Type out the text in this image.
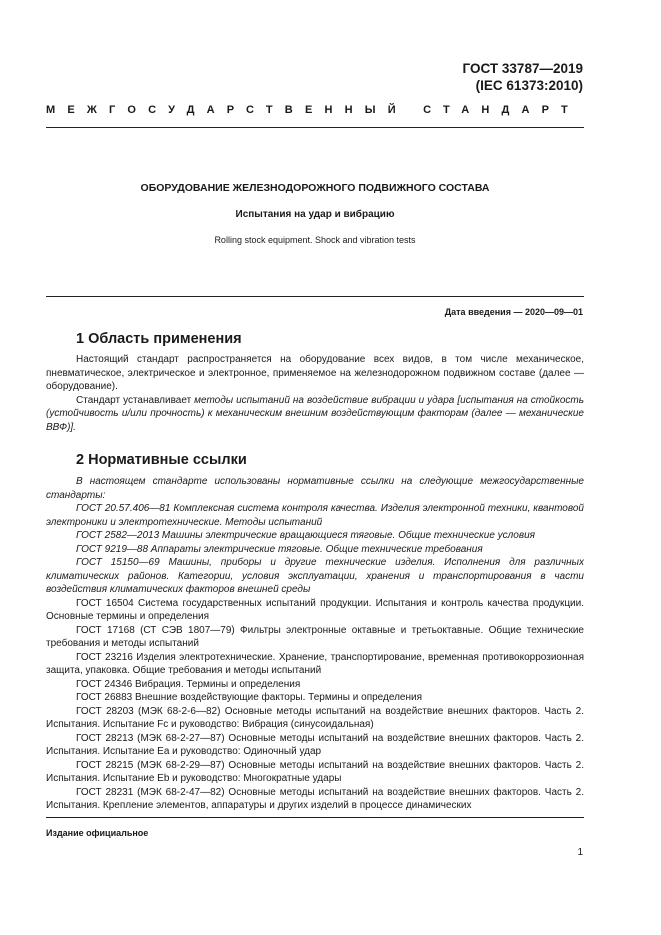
ГОСТ 33787—2019
(IEC 61373:2010)
МЕЖГОСУДАРСТВЕННЫЙ СТАНДАРТ
ОБОРУДОВАНИЕ ЖЕЛЕЗНОДОРОЖНОГО ПОДВИЖНОГО СОСТАВА
Испытания на удар и вибрацию
Rolling stock equipment. Shock and vibration tests
Дата введения — 2020—09—01
1 Область применения
Настоящий стандарт распространяется на оборудование всех видов, в том числе механическое, пневматическое, электрическое и электронное, применяемое на железнодорожном подвижном составе (далее — оборудование).
Стандарт устанавливает методы испытаний на воздействие вибрации и удара [испытания на стойкость (устойчивость и/или прочность) к механическим внешним воздействующим факторам (далее — механические ВВФ)].
2 Нормативные ссылки
В настоящем стандарте использованы нормативные ссылки на следующие межгосударственные стандарты:
ГОСТ 20.57.406—81 Комплексная система контроля качества. Изделия электронной техники, квантовой электроники и электротехнические. Методы испытаний
ГОСТ 2582—2013 Машины электрические вращающиеся тяговые. Общие технические условия
ГОСТ 9219—88 Аппараты электрические тяговые. Общие технические требования
ГОСТ 15150—69 Машины, приборы и другие технические изделия. Исполнения для различных климатических районов. Категории, условия эксплуатации, хранения и транспортирования в части воздействия климатических факторов внешней среды
ГОСТ 16504 Система государственных испытаний продукции. Испытания и контроль качества продукции. Основные термины и определения
ГОСТ 17168 (СТ СЭВ 1807—79) Фильтры электронные октавные и третьоктавные. Общие технические требования и методы испытаний
ГОСТ 23216 Изделия электротехнические. Хранение, транспортирование, временная противокоррозионная защита, упаковка. Общие требования и методы испытаний
ГОСТ 24346 Вибрация. Термины и определения
ГОСТ 26883 Внешние воздействующие факторы. Термины и определения
ГОСТ 28203 (МЭК 68-2-6—82) Основные методы испытаний на воздействие внешних факторов. Часть 2. Испытания. Испытание Fc и руководство: Вибрация (синусоидальная)
ГОСТ 28213 (МЭК 68-2-27—87) Основные методы испытаний на воздействие внешних факторов. Часть 2. Испытания. Испытание Еа и руководство: Одиночный удар
ГОСТ 28215 (МЭК 68-2-29—87) Основные методы испытаний на воздействие внешних факторов. Часть 2. Испытания. Испытание Eb и руководство: Многократные удары
ГОСТ 28231 (МЭК 68-2-47—82) Основные методы испытаний на воздействие внешних факторов. Часть 2. Испытания. Крепление элементов, аппаратуры и других изделий в процессе динамических
Издание официальное
1
